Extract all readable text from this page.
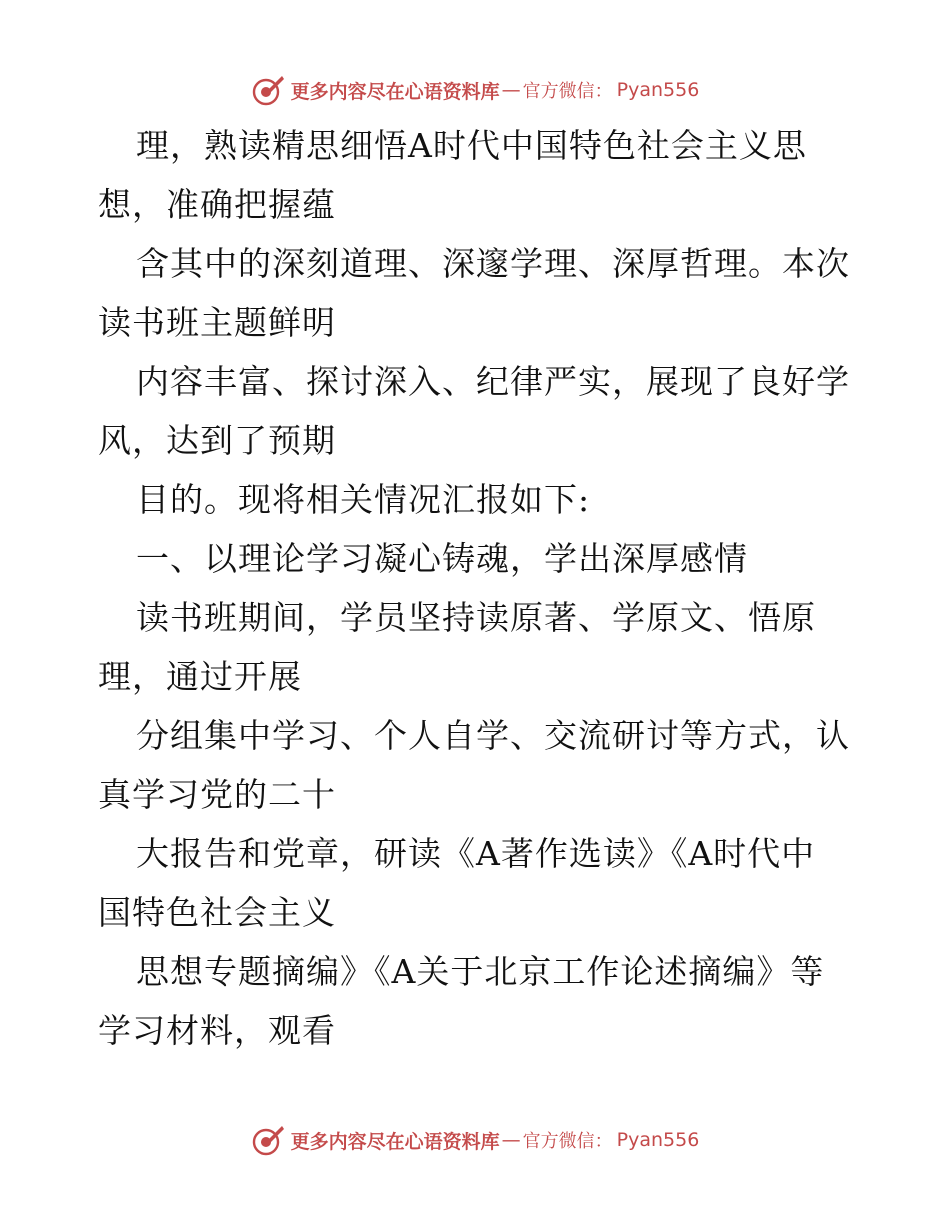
更多内容尽在心语资料库 — 官方微信： Pyan556
理，熟读精思细悟A时代中国特色社会主义思
想，准确把握蕴
含其中的深刻道理、深邃学理、深厚哲理。本次
读书班主题鲜明
内容丰富、探讨深入、纪律严实，展现了良好学
风，达到了预期
目的。现将相关情况汇报如下:
一、以理论学习凝心铸魂，学出深厚感情
读书班期间，学员坚持读原著、学原文、悟原
理，通过开展
分组集中学习、个人自学、交流研讨等方式，认
真学习党的二十
大报告和党章，研读《A著作选读》《A时代中
国特色社会主义
思想专题摘编》《A关于北京工作论述摘编》等
学习材料，观看
更多内容尽在心语资料库 — 官方微信： Pyan556
